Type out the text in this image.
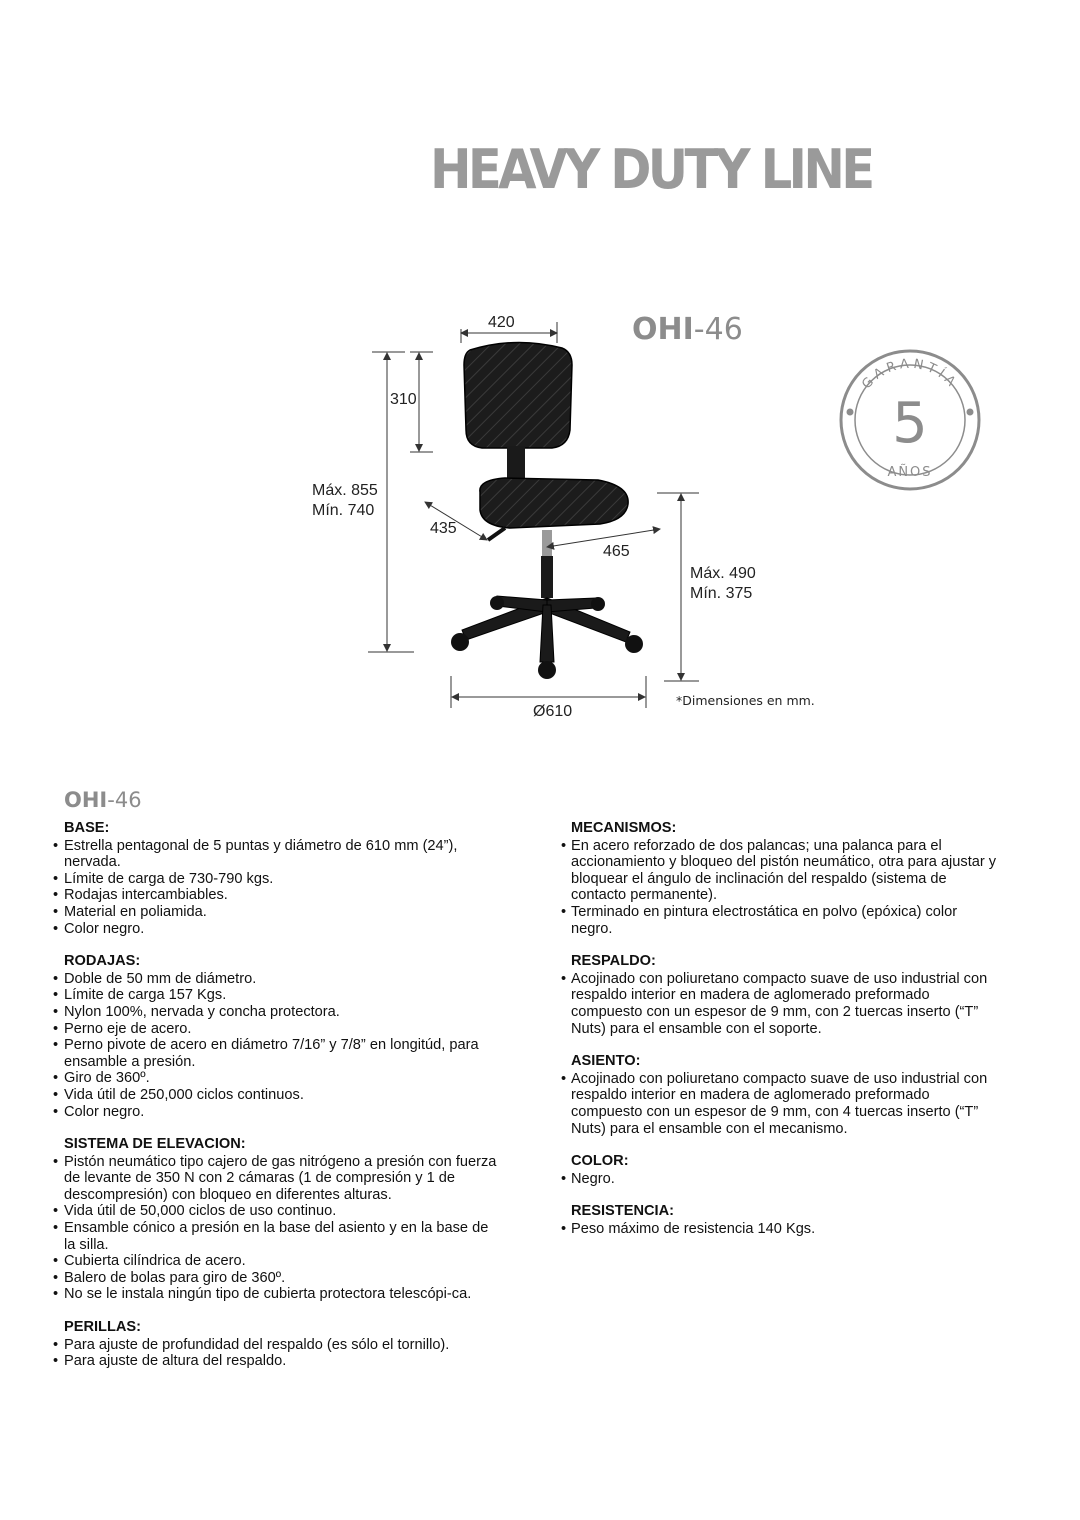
HEAVY DUTY LINE
OHI-46
420
310
Máx. 855
Mín. 740
435
465
Máx. 490
Mín. 375
Ø610
*Dimensiones en mm.
GARANTÍA
5
AÑOS
OHI-46
BASE:
• Estrella pentagonal de 5 puntas y diámetro de 610 mm (24”), nervada.
• Límite de carga de 730-790 kgs.
• Rodajas intercambiables.
• Material en poliamida.
• Color negro.
RODAJAS:
• Doble de 50 mm de diámetro.
• Límite de carga 157 Kgs.
• Nylon 100%, nervada y concha protectora.
• Perno eje de acero.
• Perno pivote de acero en diámetro 7/16” y 7/8” en longitúd, para ensamble a presión.
• Giro de 360º.
• Vida útil de 250,000 ciclos continuos.
• Color negro.
SISTEMA DE ELEVACION:
• Pistón neumático tipo cajero de gas nitrógeno a presión con fuerza de levante de 350 N con 2 cámaras (1 de compresión y 1 de descompresión) con bloqueo en diferentes alturas.
• Vida útil de 50,000 ciclos de uso continuo.
• Ensamble cónico a presión en la base del asiento y en la base de la silla.
• Cubierta cilíndrica de acero.
• Balero de bolas para giro de 360º.
• No se le instala ningún tipo de cubierta protectora telescópi-ca.
PERILLAS:
• Para ajuste de profundidad del respaldo (es sólo el tornillo).
• Para ajuste de altura del respaldo.
MECANISMOS:
• En acero reforzado de dos palancas; una palanca para el accionamiento y bloqueo del pistón neumático, otra para ajustar y bloquear el ángulo de inclinación del respaldo (sistema de contacto permanente).
• Terminado en pintura electrostática en polvo (epóxica) color negro.
RESPALDO:
• Acojinado con poliuretano compacto suave de uso industrial con respaldo interior en madera de aglomerado preformado compuesto con un espesor de 9 mm, con 2 tuercas inserto (“T” Nuts) para el ensamble con el soporte.
ASIENTO:
• Acojinado con poliuretano compacto suave de uso industrial con respaldo interior en madera de aglomerado preformado compuesto con un espesor de 9 mm, con 4 tuercas inserto (“T” Nuts) para el ensamble con el mecanismo.
COLOR:
• Negro.
RESISTENCIA:
• Peso máximo de resistencia 140 Kgs.
